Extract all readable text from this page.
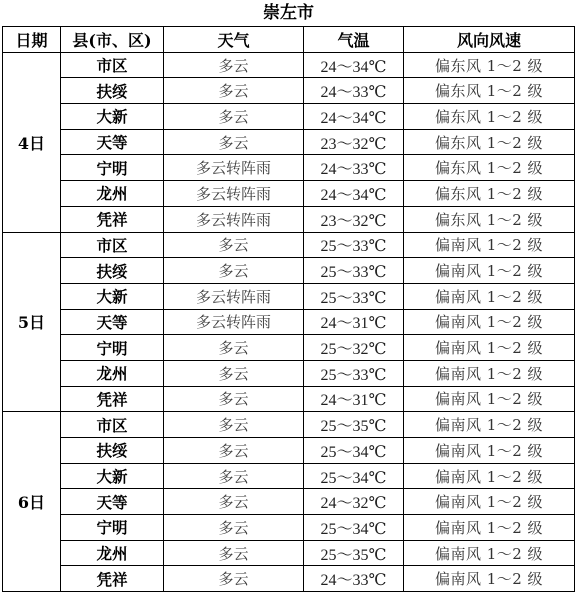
崇左市
日期	县(市、区)	天气	气温	风向风速
4日	市区	多云	24～34℃	偏东风 1～2 级
	扶绥	多云	24～33℃	偏东风 1～2 级
	大新	多云	24～34℃	偏东风 1～2 级
	天等	多云	23～32℃	偏东风 1～2 级
	宁明	多云转阵雨	24～33℃	偏东风 1～2 级
	龙州	多云转阵雨	24～34℃	偏东风 1～2 级
	凭祥	多云转阵雨	23～32℃	偏东风 1～2 级
5日	市区	多云	25～33℃	偏南风 1～2 级
	扶绥	多云	25～33℃	偏南风 1～2 级
	大新	多云转阵雨	25～33℃	偏南风 1～2 级
	天等	多云转阵雨	24～31℃	偏南风 1～2 级
	宁明	多云	25～32℃	偏南风 1～2 级
	龙州	多云	25～33℃	偏南风 1～2 级
	凭祥	多云	24～31℃	偏南风 1～2 级
6日	市区	多云	25～35℃	偏南风 1～2 级
	扶绥	多云	25～34℃	偏南风 1～2 级
	大新	多云	25～34℃	偏南风 1～2 级
	天等	多云	24～32℃	偏南风 1～2 级
	宁明	多云	25～34℃	偏南风 1～2 级
	龙州	多云	25～35℃	偏南风 1～2 级
	凭祥	多云	24～33℃	偏南风 1～2 级
